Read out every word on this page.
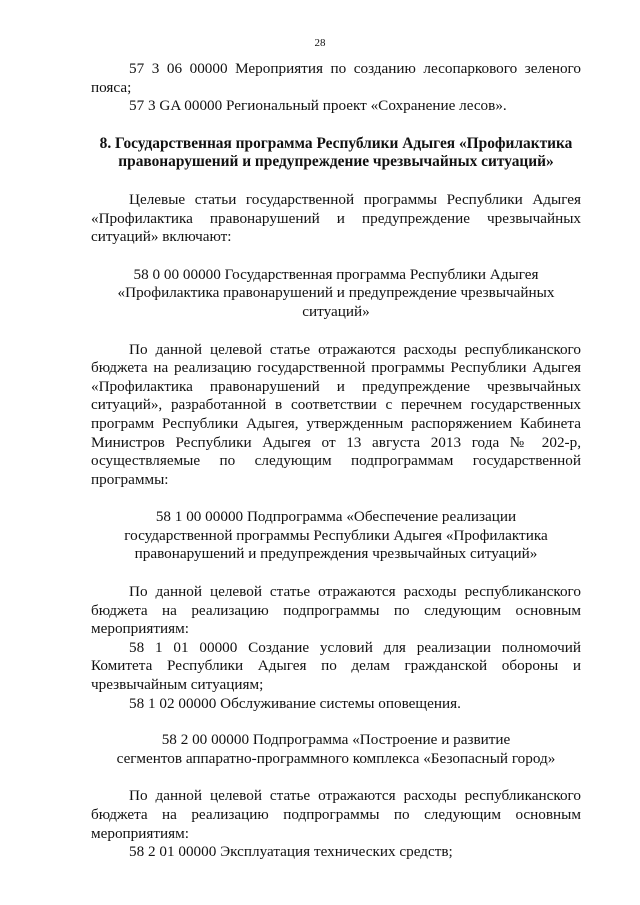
28

57 3 06 00000 Мероприятия по созданию лесопаркового зеленого пояса;

57 3 GA 00000 Региональный проект «Сохранение лесов».

8. Государственная программа Республики Адыгея «Профилактика
правонарушений и предупреждение чрезвычайных ситуаций»

Целевые статьи государственной программы Республики Адыгея «Профилактика правонарушений и предупреждение чрезвычайных ситуаций» включают:

58 0 00 00000 Государственная программа Республики Адыгея
«Профилактика правонарушений и предупреждение чрезвычайных
ситуаций»

По данной целевой статье отражаются расходы республиканского бюджета на реализацию государственной программы Республики Адыгея «Профилактика правонарушений и предупреждение чрезвычайных ситуаций», разработанной в соответствии с перечнем государственных программ Республики Адыгея, утвержденным распоряжением Кабинета Министров Республики Адыгея от 13 августа 2013 года № 202-р, осуществляемые по следующим подпрограммам государственной программы:

58 1 00 00000 Подпрограмма «Обеспечение реализации
государственной программы Республики Адыгея «Профилактика
правонарушений и предупреждения чрезвычайных ситуаций»

По данной целевой статье отражаются расходы республиканского бюджета на реализацию подпрограммы по следующим основным мероприятиям:

58 1 01 00000 Создание условий для реализации полномочий Комитета Республики Адыгея по делам гражданской обороны и чрезвычайным ситуациям;

58 1 02 00000 Обслуживание системы оповещения.

58 2 00 00000 Подпрограмма «Построение и развитие
сегментов аппаратно-программного комплекса «Безопасный город»

По данной целевой статье отражаются расходы республиканского бюджета на реализацию подпрограммы по следующим основным мероприятиям:

58 2 01 00000 Эксплуатация технических средств;
